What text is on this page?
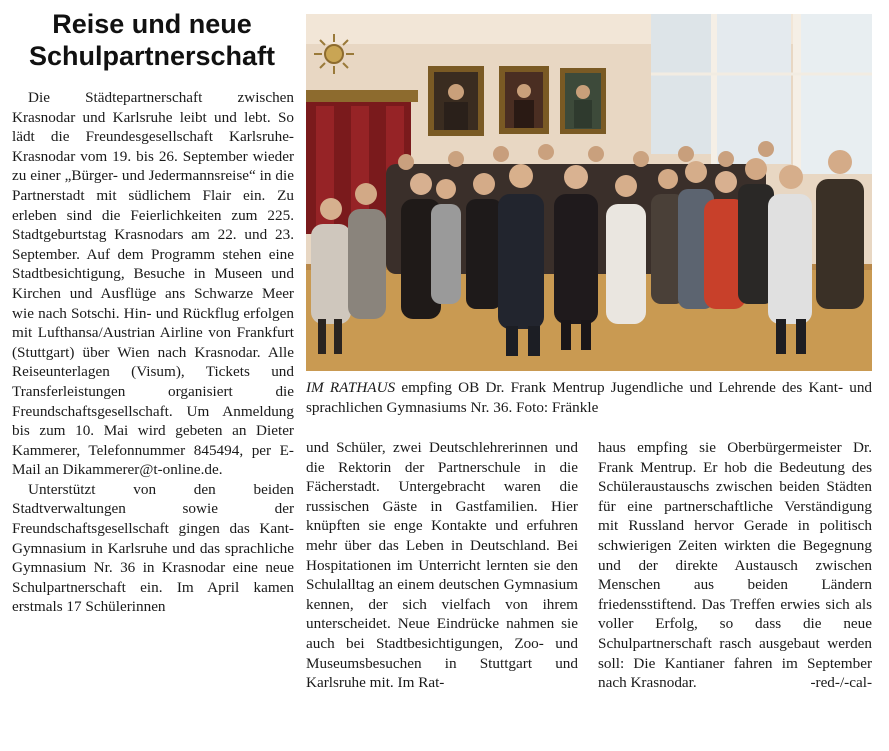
Reise und neue
Schulpartnerschaft

Die Städtepartnerschaft zwischen Krasnodar und Karlsruhe leibt und lebt. So lädt die Freundesgesellschaft Karlsruhe-Krasnodar vom 19. bis 26. September wieder zu einer „Bürger- und Jedermannsreise“ in die Partnerstadt mit südlichem Flair ein. Zu erleben sind die Feierlichkeiten zum 225. Stadtgeburtstag Krasnodars am 22. und 23. September. Auf dem Programm stehen eine Stadtbesichtigung, Besuche in Museen und Kirchen und Ausflüge ans Schwarze Meer wie nach Sotschi. Hin- und Rückflug erfolgen mit Lufthansa/Austrian Airline von Frankfurt (Stuttgart) über Wien nach Krasnodar. Alle Reiseunterlagen (Visum), Tickets und Transferleistungen organisiert die Freundschaftsgesellschaft. Um Anmeldung bis zum 10. Mai wird gebeten an Dieter Kammerer, Telefonnummer 845494, per E-Mail an Dikammerer@t-online.de.

Unterstützt von den beiden Stadtverwaltungen sowie der Freundschaftsgesellschaft gingen das Kant-Gymnasium in Karlsruhe und das sprachliche Gymnasium Nr. 36 in Krasnodar eine neue Schulpartnerschaft ein. Im April kamen erstmals 17 Schülerinnen

IM RATHAUS empfing OB Dr. Frank Mentrup Jugendliche und Lehrende des Kant- und sprachlichen Gymnasiums Nr. 36. Foto: Fränkle

und Schüler, zwei Deutschlehrerinnen und die Rektorin der Partnerschule in die Fächerstadt. Untergebracht waren die russischen Gäste in Gastfamilien. Hier knüpften sie enge Kontakte und erfuhren mehr über das Leben in Deutschland. Bei Hospitationen im Unterricht lernten sie den Schulalltag an einem deutschen Gymnasium kennen, der sich vielfach von ihrem unterscheidet. Neue Eindrücke nahmen sie auch bei Stadtbesichtigungen, Zoo- und Museumsbesuchen in Stuttgart und Karlsruhe mit. Im Rat-

haus empfing sie Oberbürgermeister Dr. Frank Mentrup. Er hob die Bedeutung des Schüleraustauschs zwischen beiden Städten für eine partnerschaftliche Verständigung mit Russland hervor Gerade in politisch schwierigen Zeiten wirkten die Begegnung und der direkte Austausch zwischen Menschen aus beiden Ländern friedensstiftend. Das Treffen erwies sich als voller Erfolg, so dass die neue Schulpartnerschaft rasch ausgebaut werden soll: Die Kantianer fahren im September nach Krasnodar.	-red-/-cal-
